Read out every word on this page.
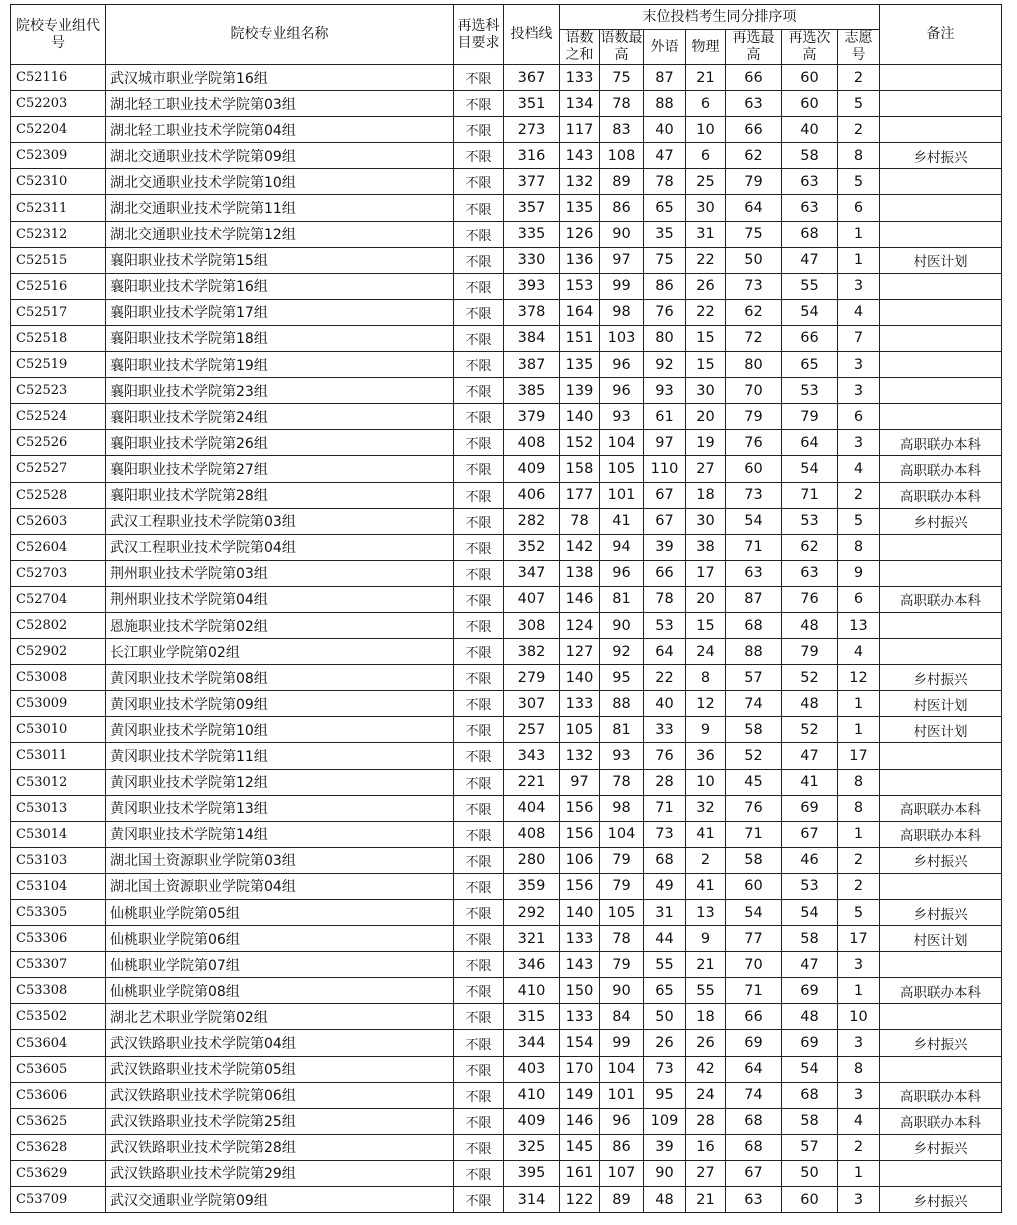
院校专业组代号	院校专业组名称	再选科目要求	投档线	末位投档考生同分排序项							备注
				语数之和	语数最高	外语	物理	再选最高	再选次高	志愿号	
C52116	武汉城市职业学院第16组	不限	367	133	75	87	21	66	60	2	
C52203	湖北轻工职业技术学院第03组	不限	351	134	78	88	6	63	60	5	
C52204	湖北轻工职业技术学院第04组	不限	273	117	83	40	10	66	40	2	
C52309	湖北交通职业技术学院第09组	不限	316	143	108	47	6	62	58	8	乡村振兴
C52310	湖北交通职业技术学院第10组	不限	377	132	89	78	25	79	63	5	
C52311	湖北交通职业技术学院第11组	不限	357	135	86	65	30	64	63	6	
C52312	湖北交通职业技术学院第12组	不限	335	126	90	35	31	75	68	1	
C52515	襄阳职业技术学院第15组	不限	330	136	97	75	22	50	47	1	村医计划
C52516	襄阳职业技术学院第16组	不限	393	153	99	86	26	73	55	3	
C52517	襄阳职业技术学院第17组	不限	378	164	98	76	22	62	54	4	
C52518	襄阳职业技术学院第18组	不限	384	151	103	80	15	72	66	7	
C52519	襄阳职业技术学院第19组	不限	387	135	96	92	15	80	65	3	
C52523	襄阳职业技术学院第23组	不限	385	139	96	93	30	70	53	3	
C52524	襄阳职业技术学院第24组	不限	379	140	93	61	20	79	79	6	
C52526	襄阳职业技术学院第26组	不限	408	152	104	97	19	76	64	3	高职联办本科
C52527	襄阳职业技术学院第27组	不限	409	158	105	110	27	60	54	4	高职联办本科
C52528	襄阳职业技术学院第28组	不限	406	177	101	67	18	73	71	2	高职联办本科
C52603	武汉工程职业技术学院第03组	不限	282	78	41	67	30	54	53	5	乡村振兴
C52604	武汉工程职业技术学院第04组	不限	352	142	94	39	38	71	62	8	
C52703	荆州职业技术学院第03组	不限	347	138	96	66	17	63	63	9	
C52704	荆州职业技术学院第04组	不限	407	146	81	78	20	87	76	6	高职联办本科
C52802	恩施职业技术学院第02组	不限	308	124	90	53	15	68	48	13	
C52902	长江职业学院第02组	不限	382	127	92	64	24	88	79	4	
C53008	黄冈职业技术学院第08组	不限	279	140	95	22	8	57	52	12	乡村振兴
C53009	黄冈职业技术学院第09组	不限	307	133	88	40	12	74	48	1	村医计划
C53010	黄冈职业技术学院第10组	不限	257	105	81	33	9	58	52	1	村医计划
C53011	黄冈职业技术学院第11组	不限	343	132	93	76	36	52	47	17	
C53012	黄冈职业技术学院第12组	不限	221	97	78	28	10	45	41	8	
C53013	黄冈职业技术学院第13组	不限	404	156	98	71	32	76	69	8	高职联办本科
C53014	黄冈职业技术学院第14组	不限	408	156	104	73	41	71	67	1	高职联办本科
C53103	湖北国土资源职业学院第03组	不限	280	106	79	68	2	58	46	2	乡村振兴
C53104	湖北国土资源职业学院第04组	不限	359	156	79	49	41	60	53	2	
C53305	仙桃职业学院第05组	不限	292	140	105	31	13	54	54	5	乡村振兴
C53306	仙桃职业学院第06组	不限	321	133	78	44	9	77	58	17	村医计划
C53307	仙桃职业学院第07组	不限	346	143	79	55	21	70	47	3	
C53308	仙桃职业学院第08组	不限	410	150	90	65	55	71	69	1	高职联办本科
C53502	湖北艺术职业学院第02组	不限	315	133	84	50	18	66	48	10	
C53604	武汉铁路职业技术学院第04组	不限	344	154	99	26	26	69	69	3	乡村振兴
C53605	武汉铁路职业技术学院第05组	不限	403	170	104	73	42	64	54	8	
C53606	武汉铁路职业技术学院第06组	不限	410	149	101	95	24	74	68	3	高职联办本科
C53625	武汉铁路职业技术学院第25组	不限	409	146	96	109	28	68	58	4	高职联办本科
C53628	武汉铁路职业技术学院第28组	不限	325	145	86	39	16	68	57	2	乡村振兴
C53629	武汉铁路职业技术学院第29组	不限	395	161	107	90	27	67	50	1	
C53709	武汉交通职业学院第09组	不限	314	122	89	48	21	63	60	3	乡村振兴
